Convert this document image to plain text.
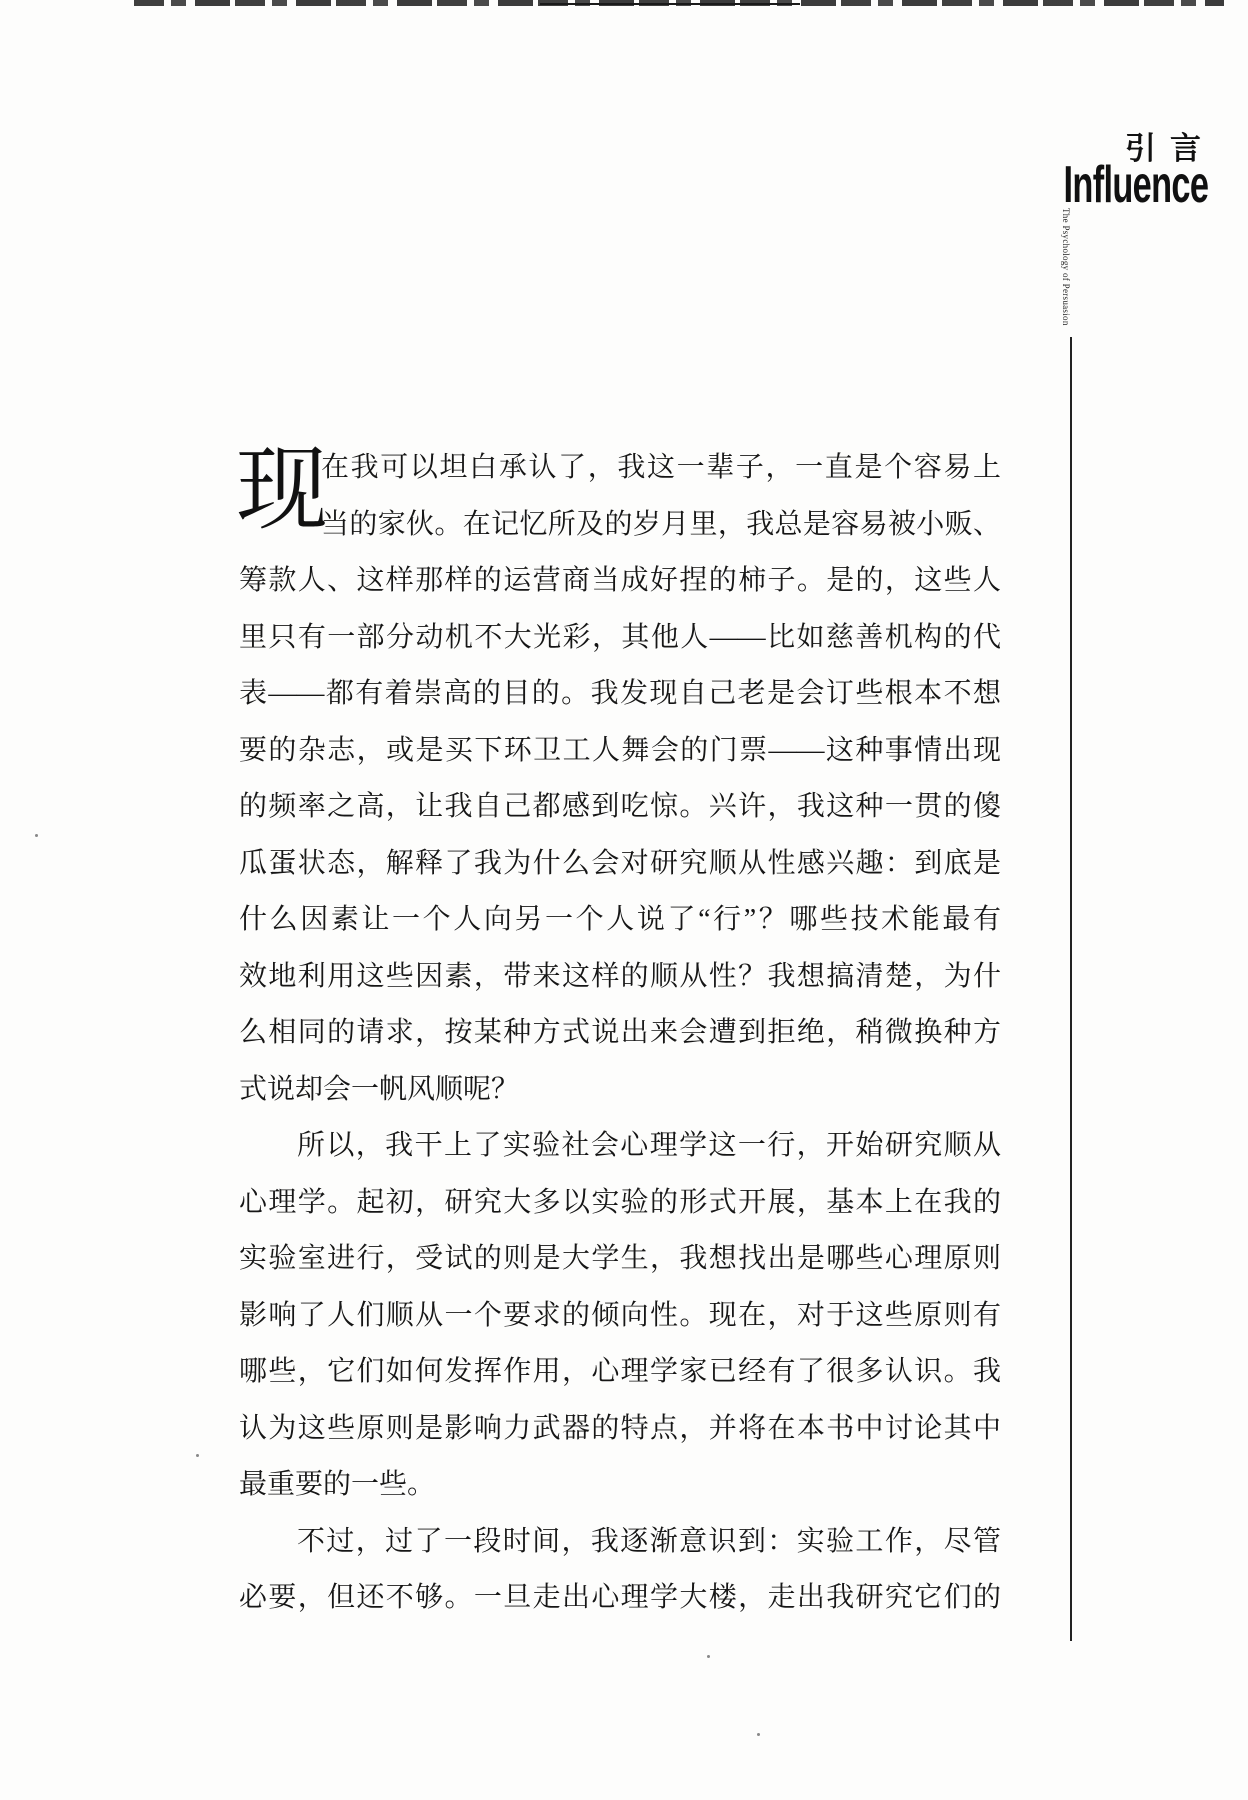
引言
Influence
The Psychology of Persuasion
现
在我可以坦白承认了，我这一辈子，一直是个容易上
当的家伙。在记忆所及的岁月里，我总是容易被小贩、
筹款人、这样那样的运营商当成好捏的柿子。是的，这些人
里只有一部分动机不大光彩，其他人——比如慈善机构的代
表——都有着崇高的目的。我发现自己老是会订些根本不想
要的杂志，或是买下环卫工人舞会的门票——这种事情出现
的频率之高，让我自己都感到吃惊。兴许，我这种一贯的傻
瓜蛋状态，解释了我为什么会对研究顺从性感兴趣：到底是
什么因素让一个人向另一个人说了“行”？哪些技术能最有
效地利用这些因素，带来这样的顺从性？我想搞清楚，为什
么相同的请求，按某种方式说出来会遭到拒绝，稍微换种方
式说却会一帆风顺呢？
所以，我干上了实验社会心理学这一行，开始研究顺从
心理学。起初，研究大多以实验的形式开展，基本上在我的
实验室进行，受试的则是大学生，我想找出是哪些心理原则
影响了人们顺从一个要求的倾向性。现在，对于这些原则有
哪些，它们如何发挥作用，心理学家已经有了很多认识。我
认为这些原则是影响力武器的特点，并将在本书中讨论其中
最重要的一些。
不过，过了一段时间，我逐渐意识到：实验工作，尽管
必要，但还不够。一旦走出心理学大楼，走出我研究它们的
